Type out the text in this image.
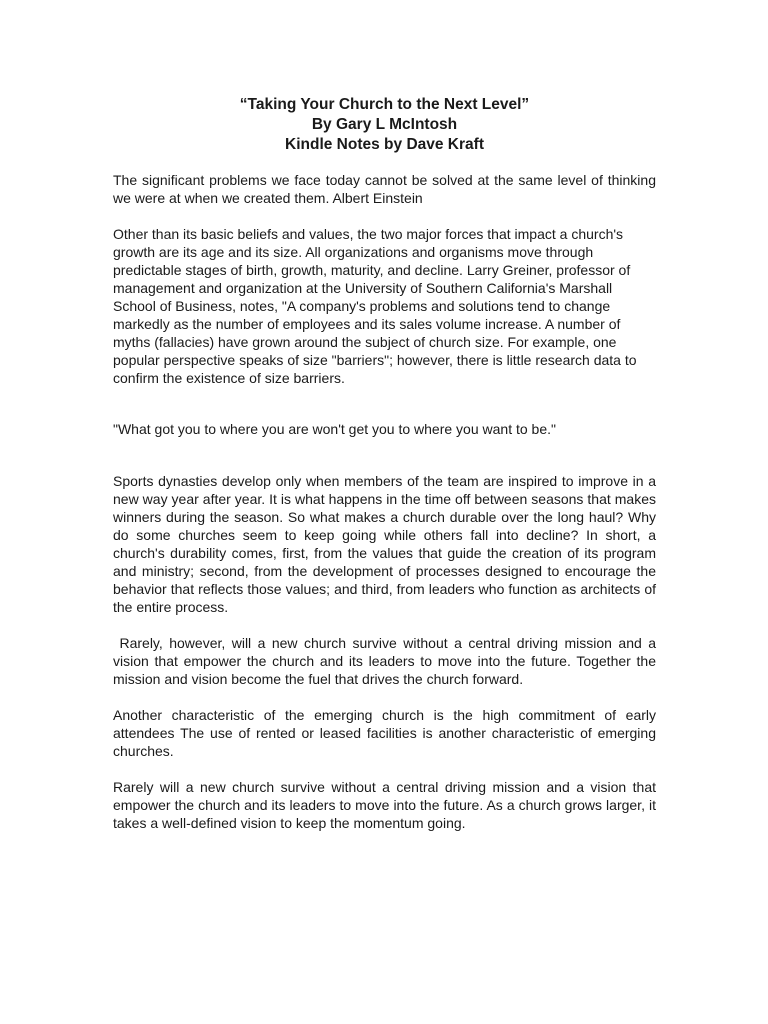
“Taking Your Church to the Next Level”
By Gary L McIntosh
Kindle Notes by Dave Kraft

The significant problems we face today cannot be solved at the same level of thinking we were at when we created them. Albert Einstein

Other than its basic beliefs and values, the two major forces that impact a church's growth are its age and its size. All organizations and organisms move through predictable stages of birth, growth, maturity, and decline. Larry Greiner, professor of management and organization at the University of Southern California's Marshall School of Business, notes, "A company's problems and solutions tend to change markedly as the number of employees and its sales volume increase. A number of myths (fallacies) have grown around the subject of church size. For example, one popular perspective speaks of size "barriers"; however, there is little research data to confirm the existence of size barriers.

"What got you to where you are won't get you to where you want to be."

Sports dynasties develop only when members of the team are inspired to improve in a new way year after year. It is what happens in the time off between seasons that makes winners during the season. So what makes a church durable over the long haul? Why do some churches seem to keep going while others fall into decline? In short, a church's durability comes, first, from the values that guide the creation of its program and ministry; second, from the development of processes designed to encourage the behavior that reflects those values; and third, from leaders who function as architects of the entire process.

Rarely, however, will a new church survive without a central driving mission and a vision that empower the church and its leaders to move into the future. Together the mission and vision become the fuel that drives the church forward.

Another characteristic of the emerging church is the high commitment of early attendees The use of rented or leased facilities is another characteristic of emerging churches.

Rarely will a new church survive without a central driving mission and a vision that empower the church and its leaders to move into the future. As a church grows larger, it takes a well-defined vision to keep the momentum going.
